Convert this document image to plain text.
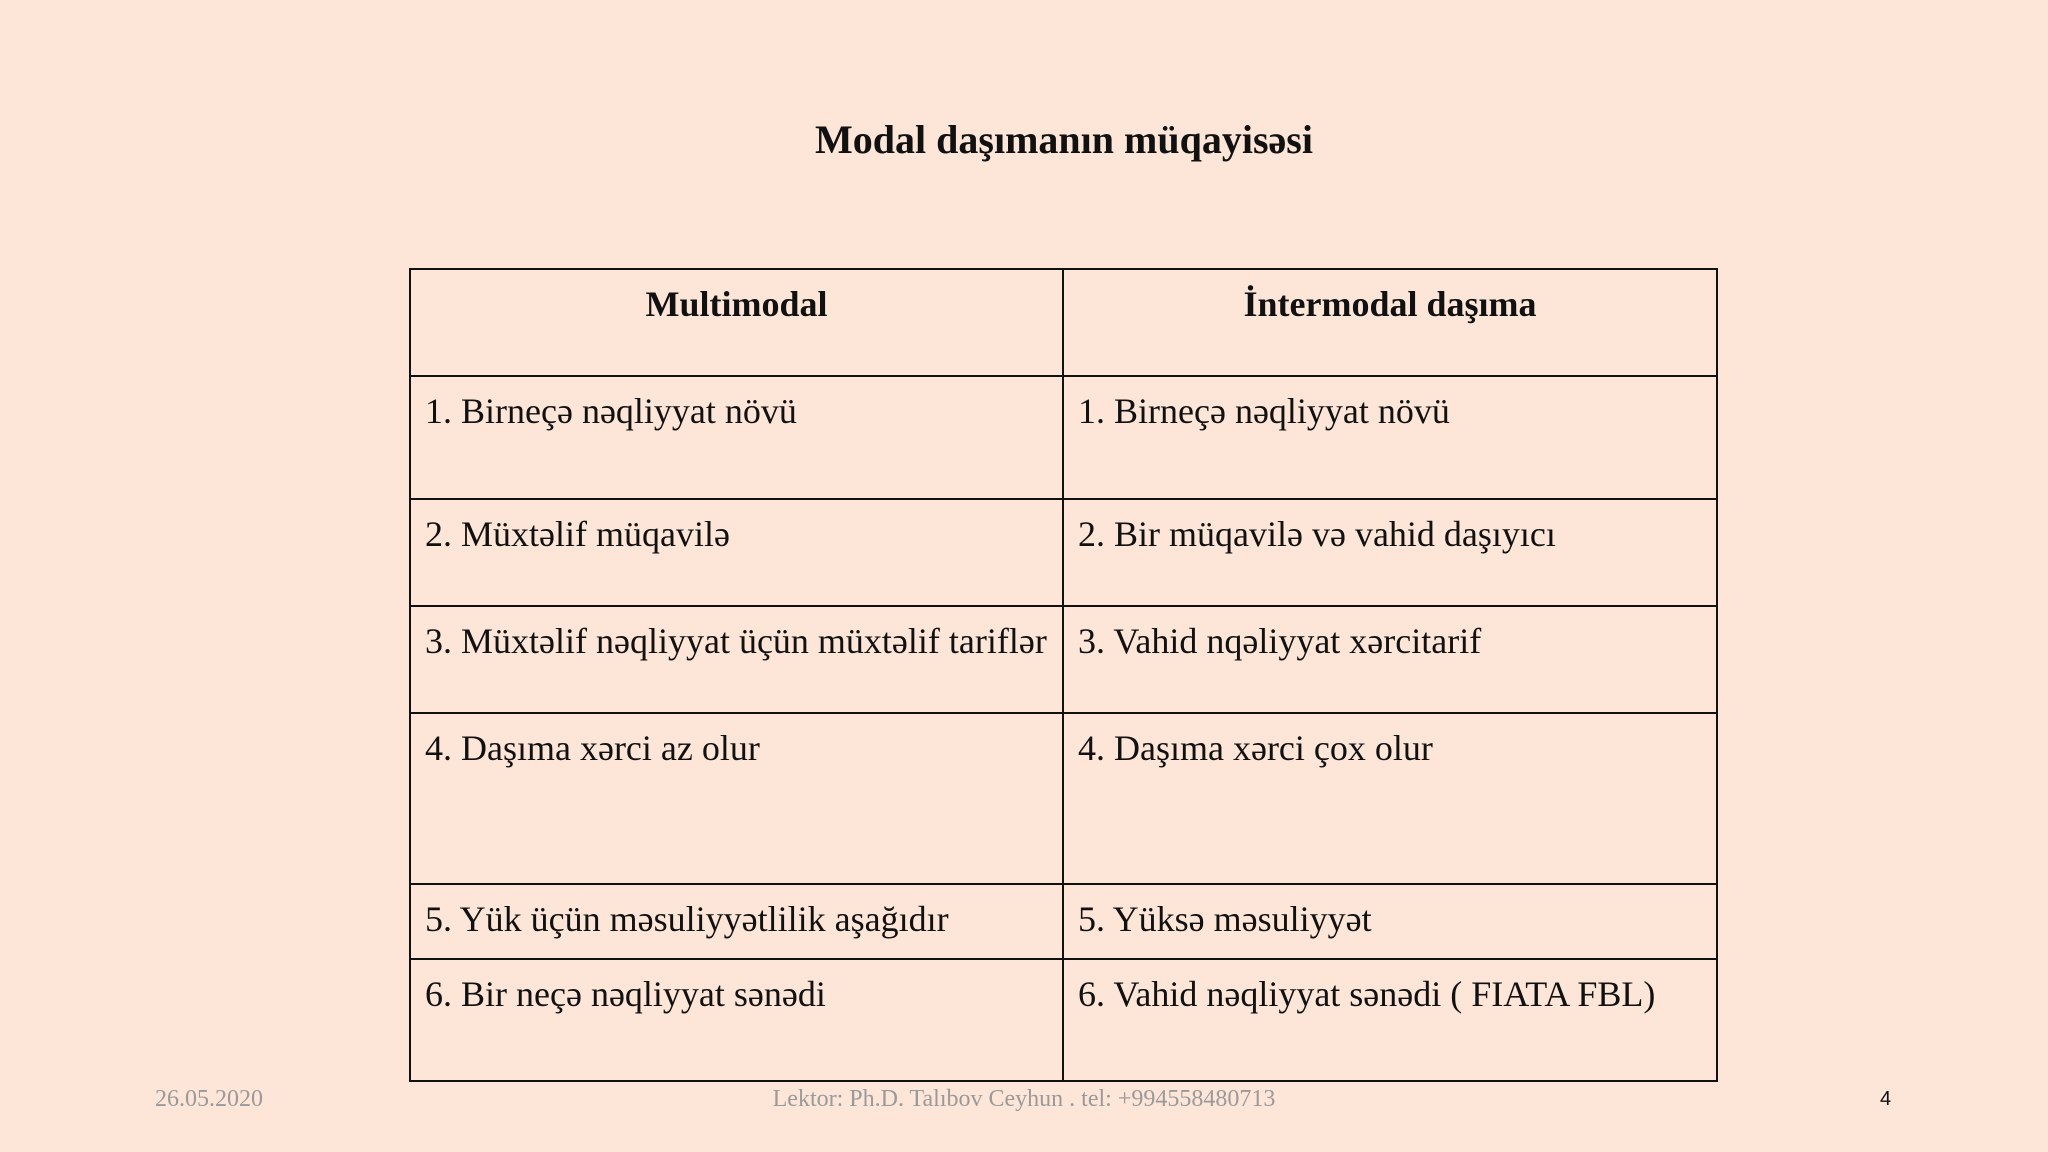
Modal daşımanın müqayisəsi
Multimodal	İntermodal daşıma
1. Birneçə nəqliyyat növü	1. Birneçə nəqliyyat növü
2. Müxtəlif müqavilə	2. Bir müqavilə və vahid daşıyıcı
3. Müxtəlif nəqliyyat üçün müxtəlif tariflər	3. Vahid nqəliyyat xərcitarif
4. Daşıma xərci az olur	4. Daşıma xərci çox olur
5. Yük üçün məsuliyyətlilik aşağıdır	5. Yüksə məsuliyyət
6. Bir neçə nəqliyyat sənədi	6. Vahid nəqliyyat sənədi ( FIATA FBL)
26.05.2020	Lektor: Ph.D. Talıbov Ceyhun . tel: +994558480713	4
